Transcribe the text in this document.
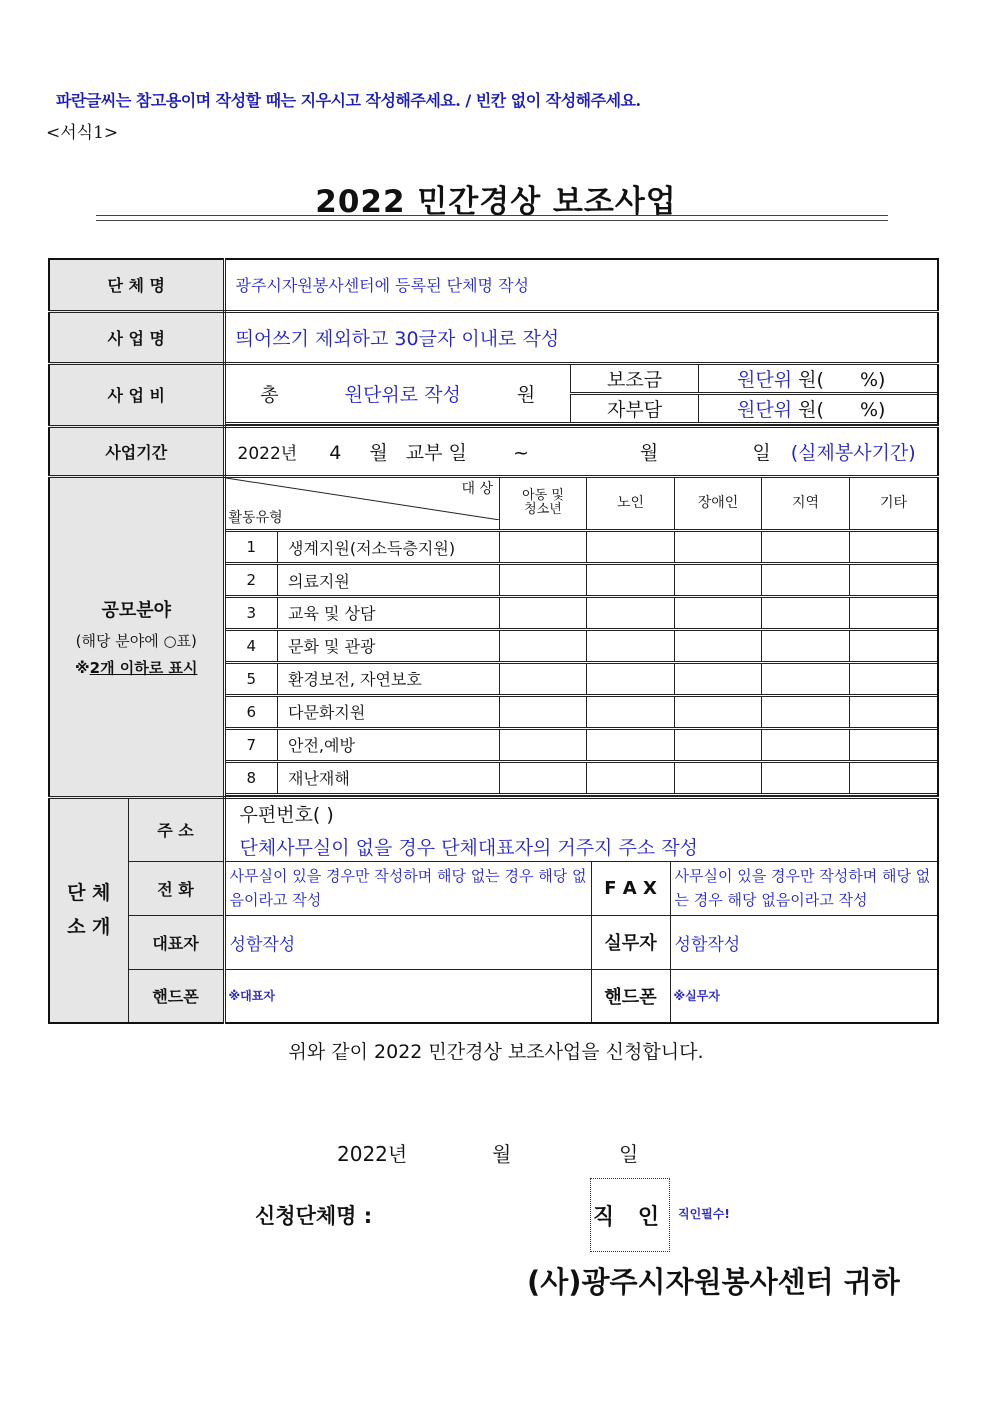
파란글씨는 참고용이며 작성할 때는 지우시고 작성해주세요. / 빈칸 없이 작성해주세요.
<서식1>
2022 민간경상 보조사업
단 체 명	광주시자원봉사센터에 등록된 단체명 작성
사 업 명	띄어쓰기 제외하고 30글자 이내로 작성
사 업 비		총	원단위로 작성	원	보조금	원단위 원( %)
자부담	원단위 원( %)

사업기간	2022년 4 월 교부 일 ~	월	일 (실제봉사기간)

공모분야
(해당 분야에 ○표)
※2개 이하로 표시

대 상
활동유형
	아동 및
청소년	노인	장애인	지역	기타
1	생계지원(저소득층지원)					
2	의료지원					
3	교육 및 상담					
4	문화 및 관광					
5	환경보전, 자연보호					
6	다문화지원					
7	안전,예방					
8	재난재해					

단 체
소 개
	주 소	
우편번호( )
단체사무실이 없을 경우 단체대표자의 거주지 주소 작성

전 화	사무실이 있을 경우만 작성하며 해당 없는 경우 해당 없음이라고 작성	F A X	사무실이 있을 경우만 작성하며 해당 없는 경우 해당 없음이라고 작성
대표자	성함작성	실무자	성함작성
핸드폰	※대표자	핸드폰	※실무자
위와 같이 2022 민간경상 보조사업을 신청합니다.
2022년	월	일
신청단체명 :	직 인 직인필수!
(사)광주시자원봉사센터 귀하
